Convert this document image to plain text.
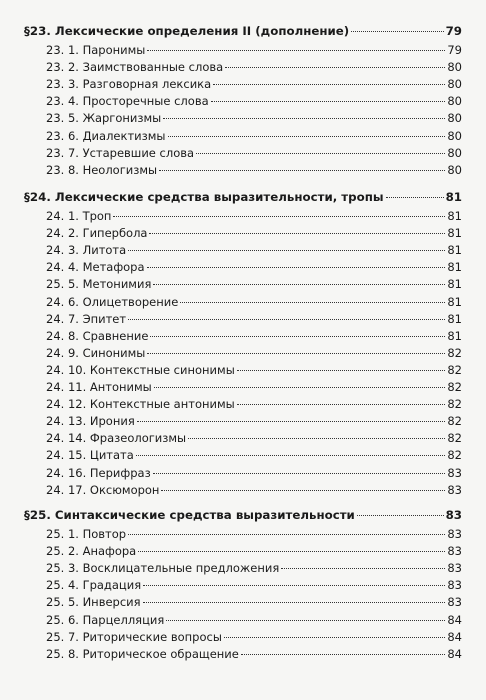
§23. Лексические определения II (дополнение)	79
23. 1. Паронимы	79
23. 2. Заимствованные слова	80
23. 3. Разговорная лексика	80
23. 4. Просторечные слова	80
23. 5. Жаргонизмы	80
23. 6. Диалектизмы	80
23. 7. Устаревшие слова	80
23. 8. Неологизмы	80
§24. Лексические средства выразительности, тропы	81
24. 1. Троп	81
24. 2. Гипербола	81
24. 3. Литота	81
24. 4. Метафора	81
25. 5. Метонимия	81
24. 6. Олицетворение	81
24. 7. Эпитет	81
24. 8. Сравнение	81
24. 9. Синонимы	82
24. 10. Контекстные синонимы	82
24. 11. Антонимы	82
24. 12. Контекстные антонимы	82
24. 13. Ирония	82
24. 14. Фразеологизмы	82
24. 15. Цитата	82
24. 16. Перифраз	83
24. 17. Оксюморон	83
§25. Синтаксические средства выразительности	83
25. 1. Повтор	83
25. 2. Анафора	83
25. 3. Восклицательные предложения	83
25. 4. Градация	83
25. 5. Инверсия	83
25. 6. Парцелляция	84
25. 7. Риторические вопросы	84
25. 8. Риторическое обращение	84
